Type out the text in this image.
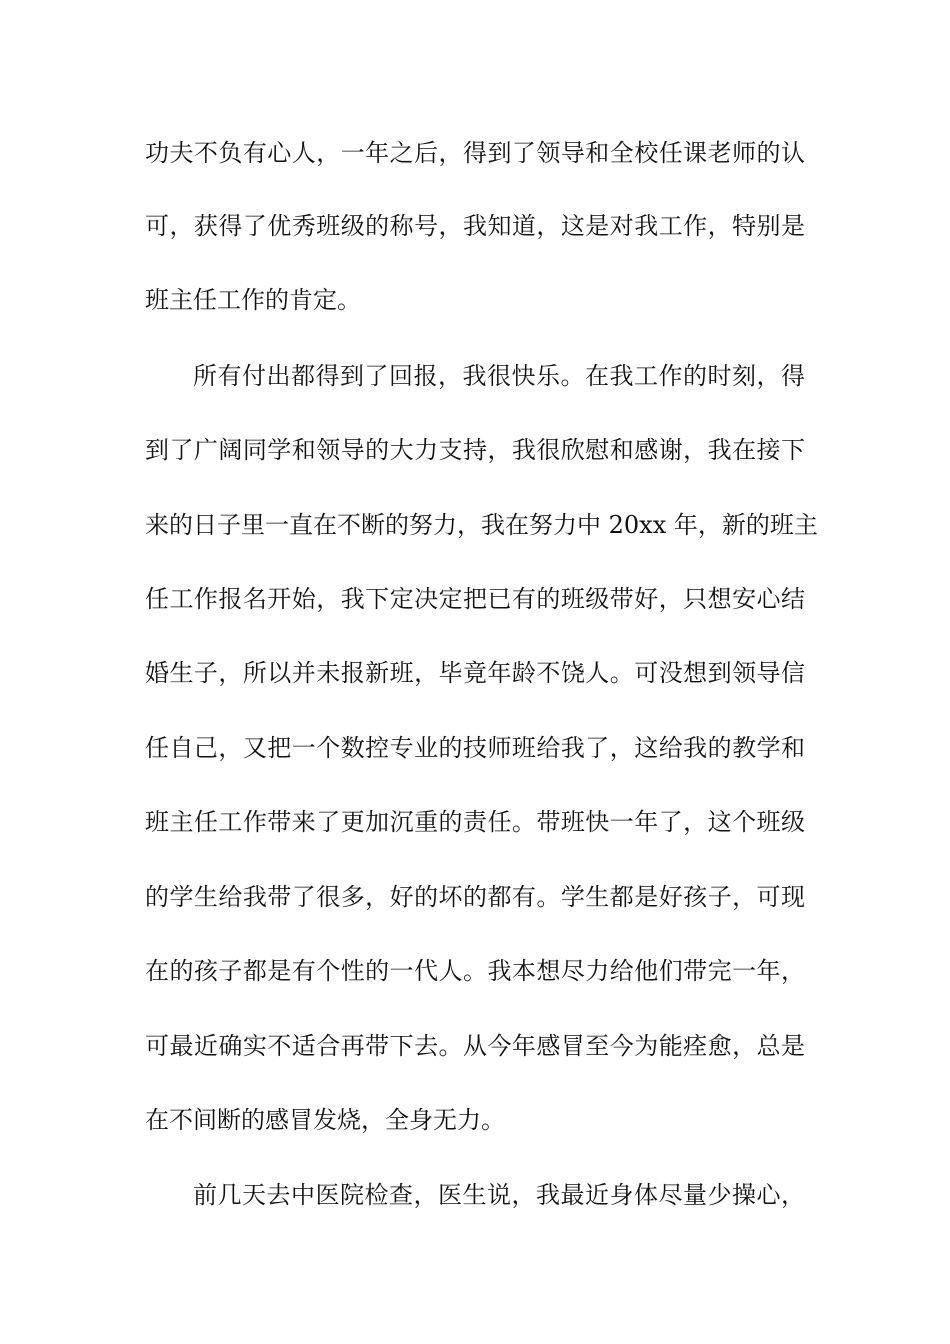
功夫不负有心人，一年之后，得到了领导和全校任课老师的认
可，获得了优秀班级的称号，我知道，这是对我工作，特别是
班主任工作的肯定。
所有付出都得到了回报，我很快乐。在我工作的时刻，得
到了广阔同学和领导的大力支持，我很欣慰和感谢，我在接下
来的日子里一直在不断的努力，我在努力中 20xx 年，新的班主
任工作报名开始，我下定决定把已有的班级带好，只想安心结
婚生子，所以并未报新班，毕竟年龄不饶人。可没想到领导信
任自己，又把一个数控专业的技师班给我了，这给我的教学和
班主任工作带来了更加沉重的责任。带班快一年了，这个班级
的学生给我带了很多，好的坏的都有。学生都是好孩子，可现
在的孩子都是有个性的一代人。我本想尽力给他们带完一年，
可最近确实不适合再带下去。从今年感冒至今为能痊愈，总是
在不间断的感冒发烧，全身无力。
前几天去中医院检查，医生说，我最近身体尽量少操心，
